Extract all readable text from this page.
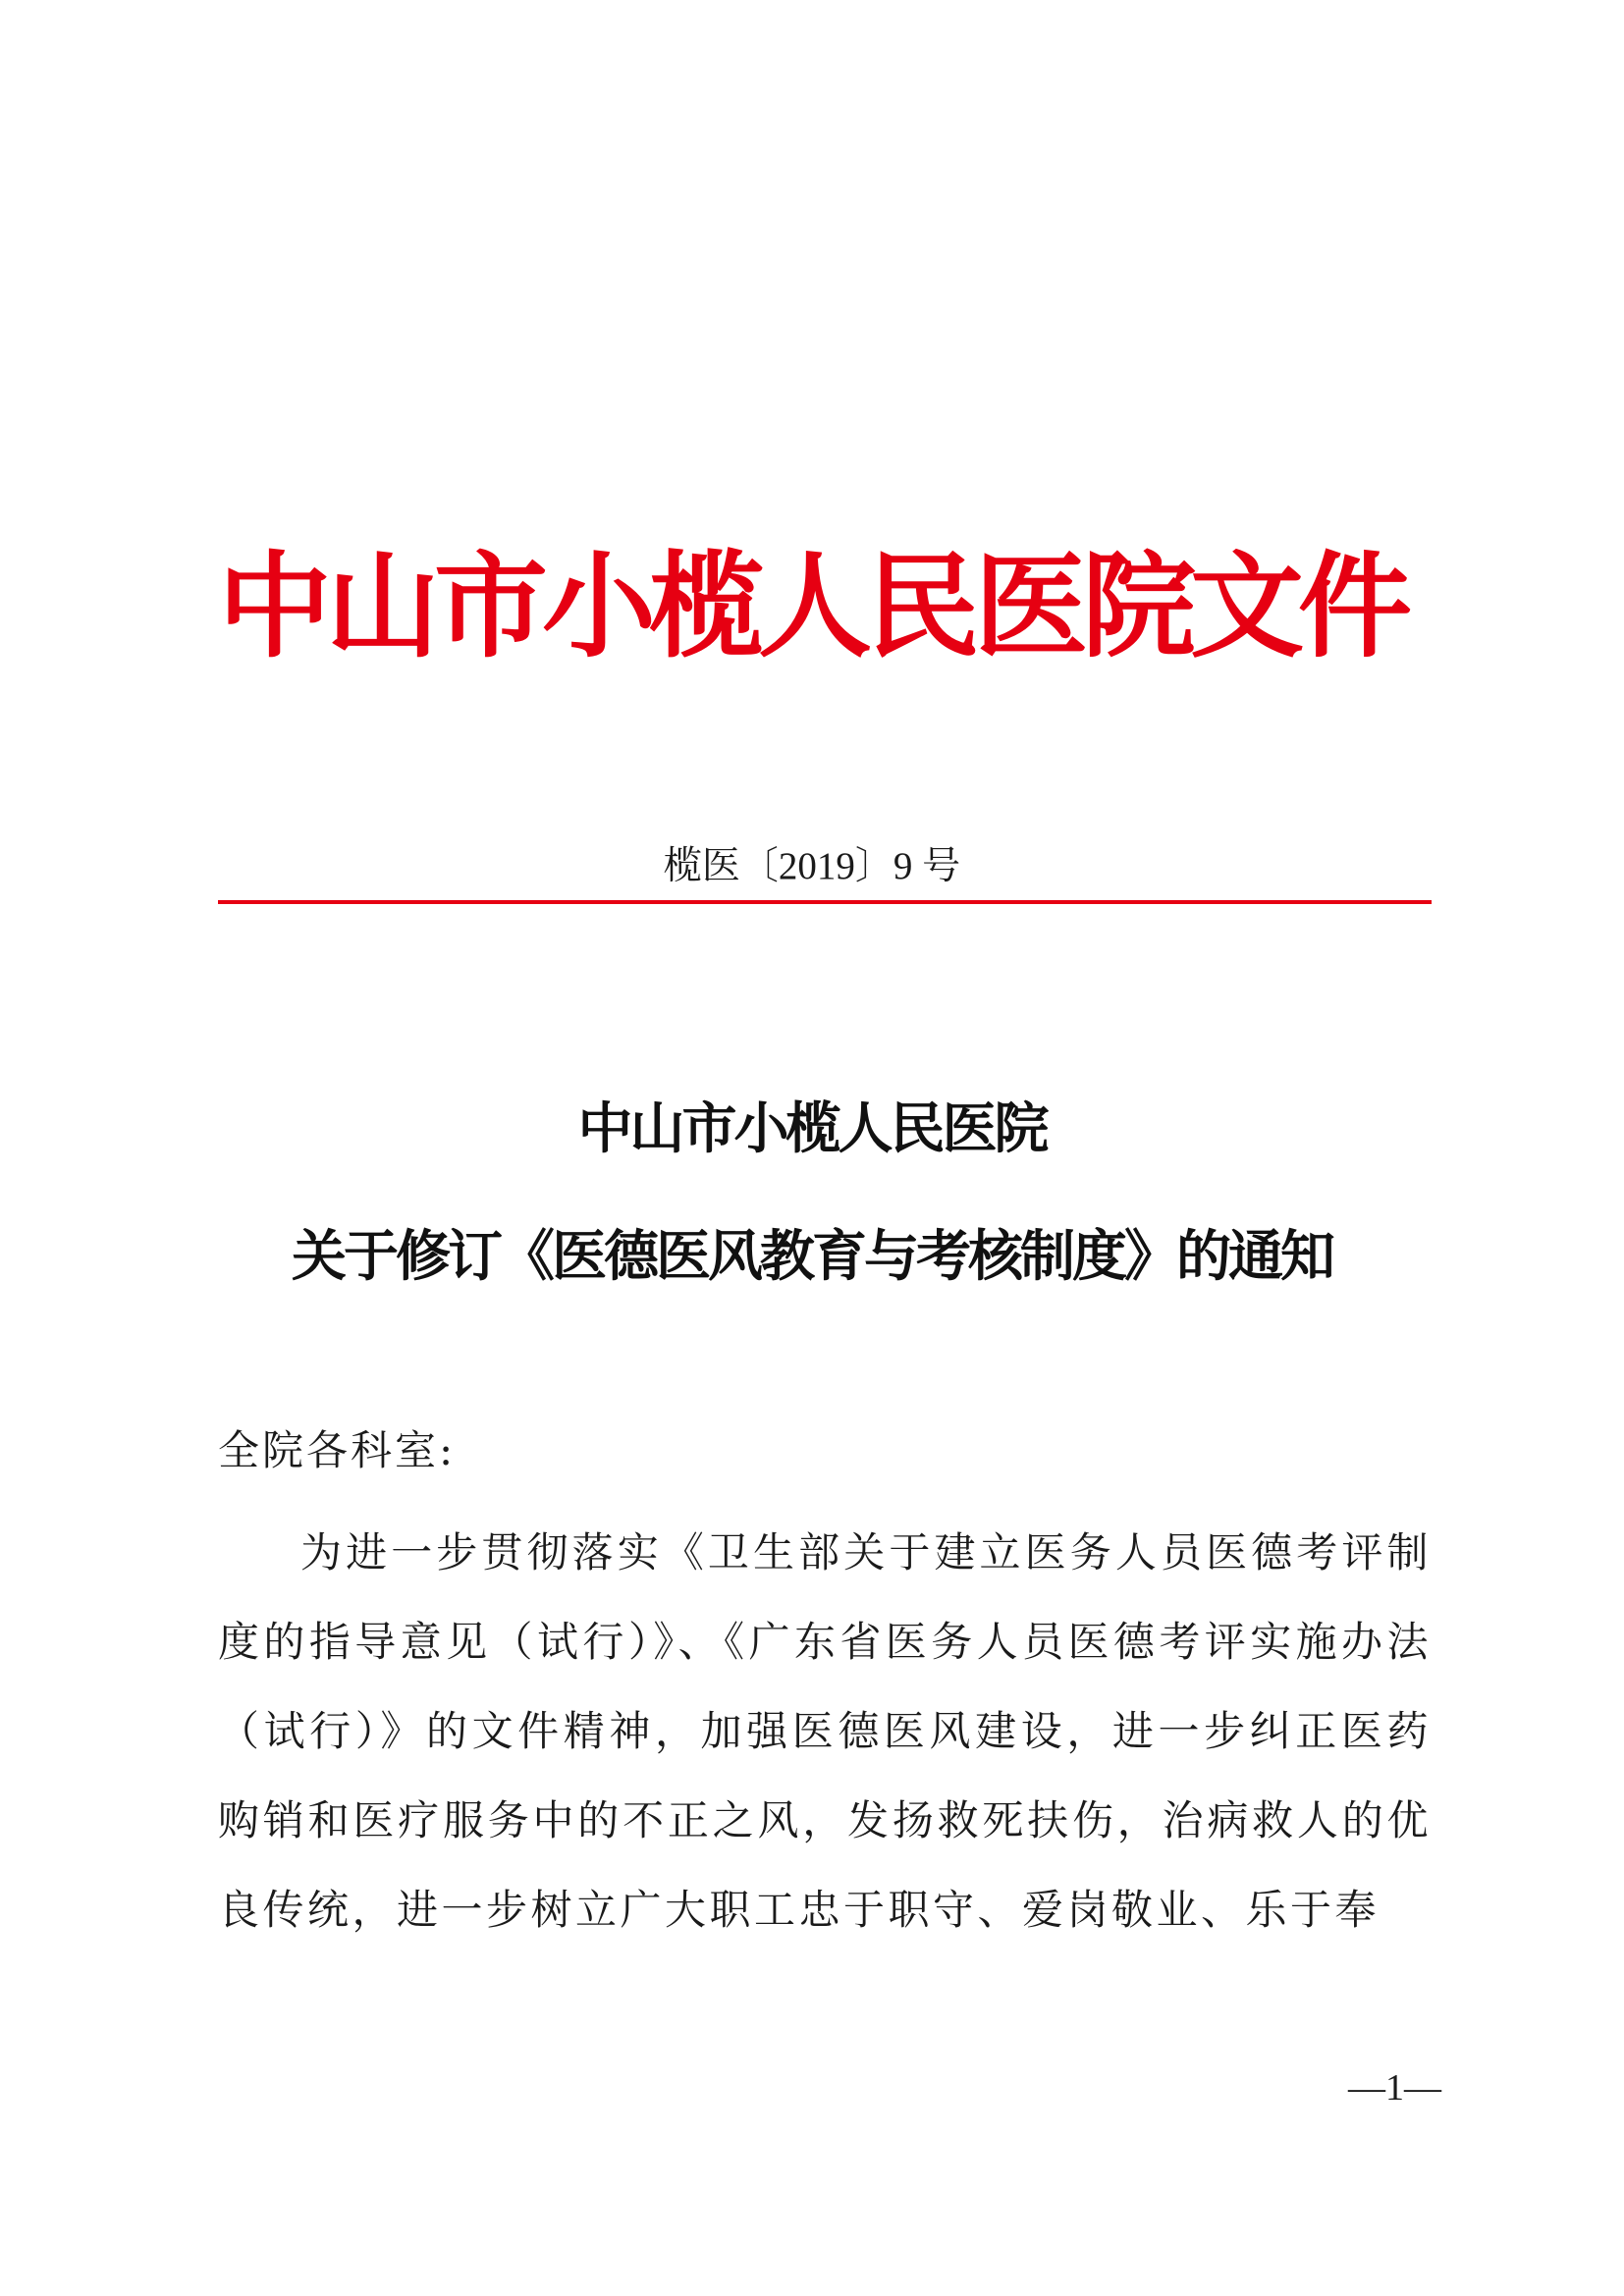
中山市小榄人民医院文件
榄医〔2019〕9 号
中山市小榄人民医院
关于修订《医德医风教育与考核制度》的通知
全院各科室:
为进一步贯彻落实《卫生部关于建立医务人员医德考评制度的指导意见（试行）》、《广东省医务人员医德考评实施办法（试行）》的文件精神，加强医德医风建设，进一步纠正医药购销和医疗服务中的不正之风，发扬救死扶伤，治病救人的优良传统，进一步树立广大职工忠于职守、爱岗敬业、乐于奉
—1—
